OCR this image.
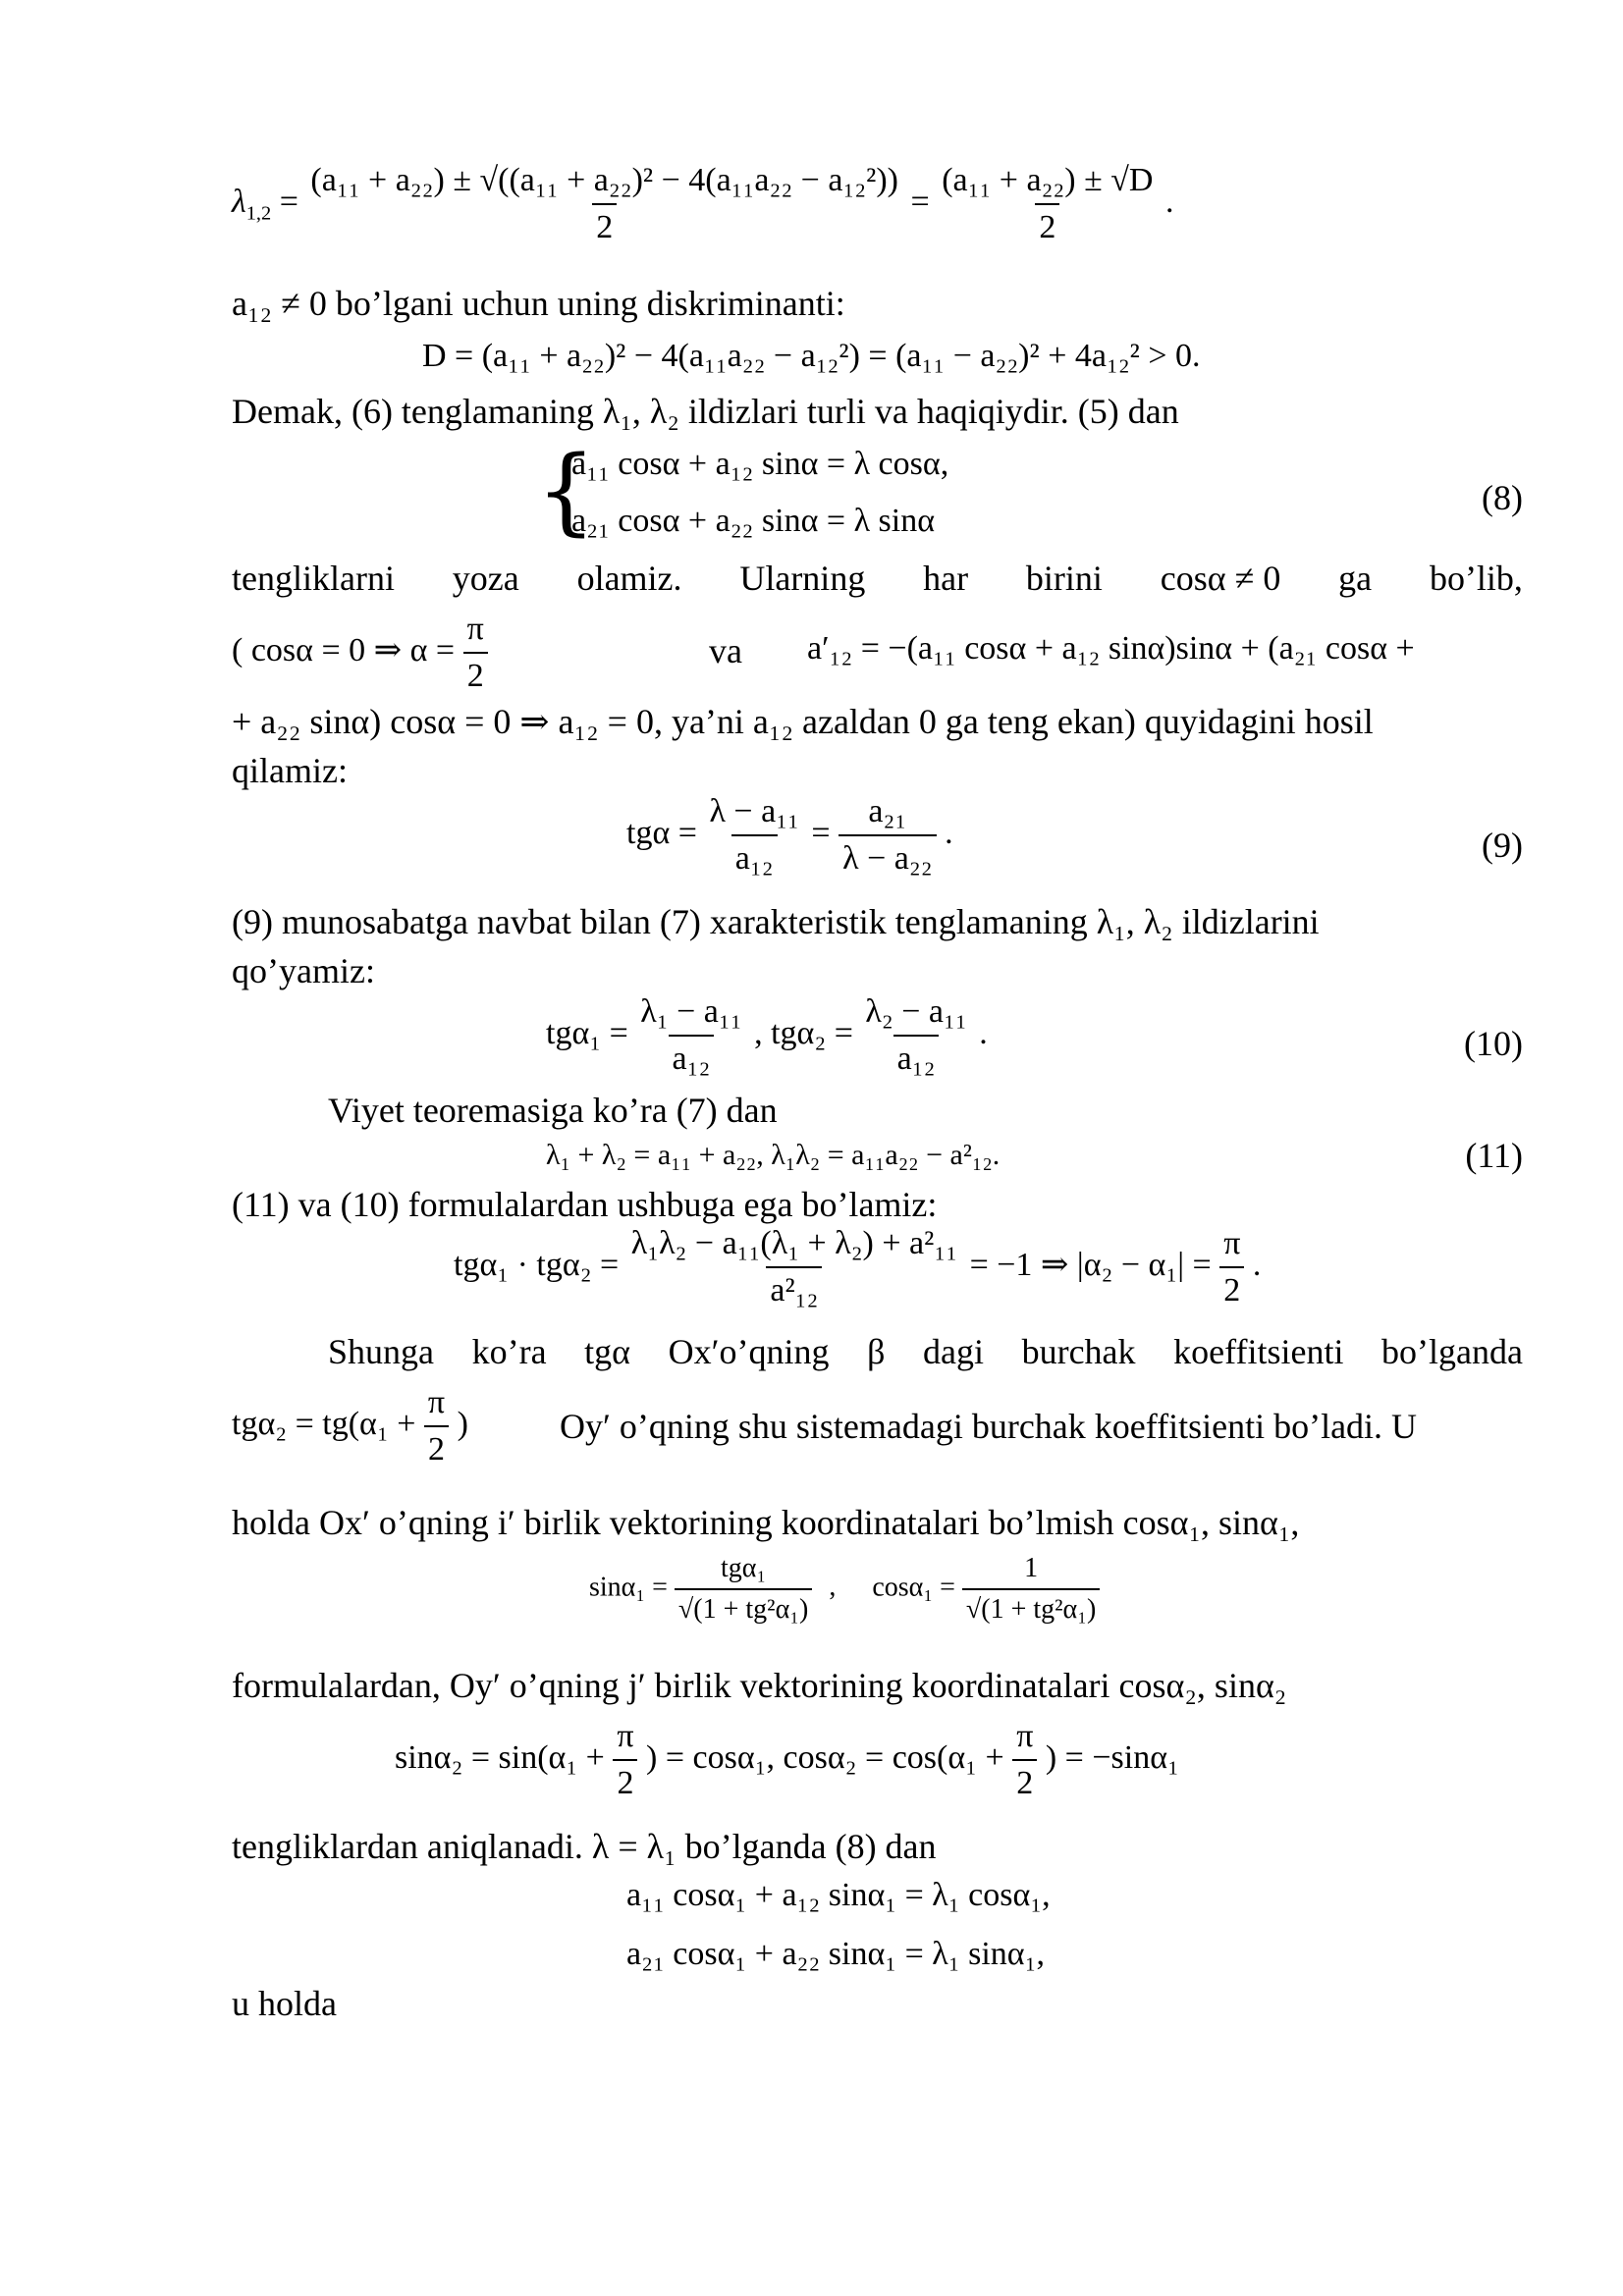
$\lambda_{1,2} = \frac{\text{(a₁₁ + a₂₂) ± √((a₁₁ + a₂₂)² − 4(a₁₁a₂₂ − a₁₂²))}}{2} = \frac{\text{(a₁₁ + a₂₂) ± √D}}{2}$ .
a₁₂ ≠ 0 bo’lgani uchun uning diskriminanti:
D = (a₁₁ + a₂₂)² − 4(a₁₁a₂₂ − a₁₂²) = (a₁₁ − a₂₂)² + 4a₁₂² > 0.
Demak, (6) tenglamaning λ₁, λ₂ ildizlari turli va haqiqiydir. (5) dan
{
a₁₁ cosα + a₁₂ sinα = λ cosα,
a₂₁ cosα + a₂₂ sinα = λ sinα
(8)
tengliklarni yoza olamiz. Ularning har birini cosα ≠ 0 ga bo’lib,
( cosα = 0 ⇒ $\alpha = \frac{\pi}{2}$	va a′₁₂ = −(a₁₁ cosα + a₁₂ sinα)sinα + (a₂₁ cosα +
+ a₂₂ sinα) cosα = 0 ⇒ a₁₂ = 0, ya’ni a₁₂ azaldan 0 ga teng ekan) quyidagini hosil
qilamiz:
$tg\alpha = \frac{\text{λ − a₁₁}}{\text{a₁₂}} = \frac{\text{a₂₁}}{\text{λ − a₂₂}}$ .	(9)
(9) munosabatga navbat bilan (7) xarakteristik tenglamaning λ₁, λ₂ ildizlarini
qo’yamiz:
$tg\alpha_1 = \frac{\text{λ₁ − a₁₁}}{\text{a₁₂}}$ , $tg\alpha_2 = \frac{\text{λ₂ − a₁₁}}{\text{a₁₂}}$ .	(10)
Viyet teoremasiga ko’ra (7) dan
λ₁ + λ₂ = a₁₁ + a₂₂, λ₁λ₂ = a₁₁a₂₂ − a²₁₂.	(11)
(11) va (10) formulalardan ushbuga ega bo’lamiz:
$tg\alpha_1 \cdot tg\alpha_2 = \frac{\text{λ₁λ₂ − a₁₁(λ₁ + λ₂) + a²₁₁}}{\text{a²₁₂}} = -1$ ⇒ $|\alpha_2 - \alpha_1| = \frac{\pi}{2}$ .
Shunga ko’ra tgα Ox′o’qning β dagi burchak koeffitsienti bo’lganda
$tg\alpha_2 = tg(\alpha_1 + \frac{\pi}{2}$ )	Oy′ o’qning shu sistemadagi burchak koeffitsienti bo’ladi. U
holda Ox′ o’qning i′ birlik vektorining koordinatalari bo’lmish cosα₁, sinα₁,
$\sin\alpha_1 = \frac{\text{tgα₁}}{\text{√(1 + tg²α₁)}}$ , $\cos\alpha_1 = \frac{1}{\text{√(1 + tg²α₁)}}$
formulalardan, Oy′ o’qning j′ birlik vektorining koordinatalari cosα₂, sinα₂
$\sin\alpha_2 = \sin(\alpha_1 + \frac{\pi}{2}$ ) = cosα₁, $\cos\alpha_2 = \cos(\alpha_1 + \frac{\pi}{2}$ ) = −sinα₁
tengliklardan aniqlanadi. λ = λ₁ bo’lganda (8) dan
a₁₁ cosα₁ + a₁₂ sinα₁ = λ₁ cosα₁,
a₂₁ cosα₁ + a₂₂ sinα₁ = λ₁ sinα₁,
u holda
